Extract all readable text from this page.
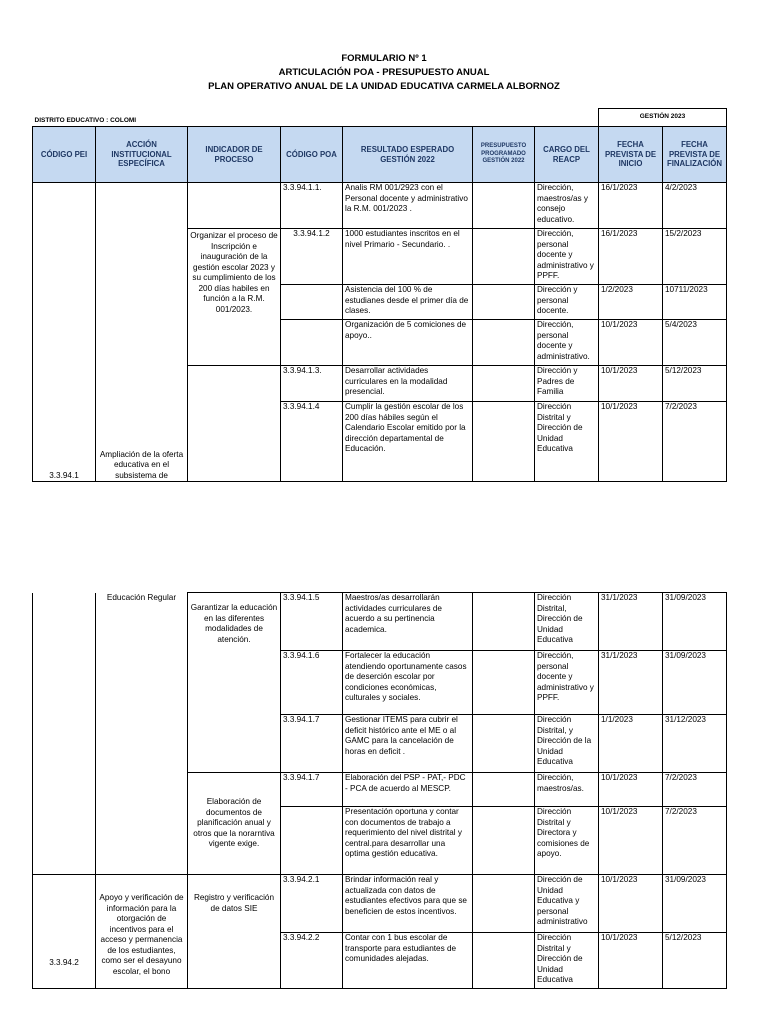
FORMULARIO Nº 1
ARTICULACIÓN POA - PRESUPUESTO ANUAL
PLAN OPERATIVO ANUAL DE LA UNIDAD EDUCATIVA CARMELA ALBORNOZ
DISTRITO EDUCATIVO : COLOMI							GESTIÓN 2023	
CÓDIGO PEI	ACCIÓN INSTITUCIONAL ESPECÍFICA	INDICADOR DE PROCESO	CÓDIGO POA	RESULTADO ESPERADO GESTIÓN 2022	PRESUPUESTO PROGRAMADO GESTIÓN 2022	CARGO DEL REACP	FECHA PREVISTA DE INICIO	FECHA PREVISTA DE FINALIZACIÓN
3.3.94.1	Ampliación de la oferta educativa en el subsistema de		3.3.94.1.1.	Analis RM 001/2923 con el Personal docente y administrativo la R.M. 001/2023 .		Dirección, maestros/as y consejo educativo.	16/1/2023	4/2/2023
		Organizar el proceso de Inscripción e inauguración de la gestión escolar 2023 y su cumplimiento de los 200 días habiles en función a la R.M. 001/2023.	3.3.94.1.2	1000 estudiantes inscritos en el nivel Primario - Secundario. .		Dirección, personal docente y administrativo y PPFF.	16/1/2023	15/2/2023
				Asistencia del 100 % de estudianes desde el primer día de clases.		Dirección y personal docente.	1/2/2023	10711/2023
				Organización de 5 comiciones de apoyo..		Dirección, personal docente y administrativo.	10/1/2023	5/4/2023
			3.3.94.1.3.	Desarrollar actividades curriculares en la modalidad presencial.		Dirección y Padres de Familia	10/1/2023	5/12/2023
			3.3.94.1.4	Cumplir la gestión escolar de los 200 días hábiles según el Calendario Escolar emitido por la dirección departamental de Educación.		Dirección Distrital y Dirección de Unidad Educativa	10/1/2023	7/2/2023
	Educación Regular	Garantizar la educación en las diferentes modalidades de atención.	3.3.94.1.5	Maestros/as desarrollarán actividades curriculares de acuerdo a su pertinencia academica.		Dirección Distrital, Dirección de Unidad Educativa	31/1/2023	31/09/2023
			3.3.94.1.6	Fortalecer la educación atendiendo oportunamente casos de deserción escolar por condiciones económicas, culturales y sociales.		Dirección, personal docente y administrativo y PPFF.	31/1/2023	31/09/2023
			3.3.94.1.7	Gestionar ITEMS para cubrir el deficit histórico ante el ME o al GAMC para la cancelación de horas en deficit .		Dirección Distrital, y Dirección de la Unidad Educativa	1/1/2023	31/12/2023
		Elaboración de documentos de planificación anual y otros que la norarntiva vigente exige.	3.3.94.1.7	Elaboración del PSP - PAT,- PDC - PCA de acuerdo al MESCP.		Dirección, maestros/as.	10/1/2023	7/2/2023
				Presentación oportuna y contar con documentos de trabajo a requerimiento del nivel distrital y central.para desarrollar una optima gestión educativa.		Dirección Distrital y Directora y comisiones de apoyo.	10/1/2023	7/2/2023
3.3.94.2	Apoyo y verificación de información para la otorgación de incentivos para el acceso y permanencia de los estudiantes, como ser el desayuno escolar, el bono	Registro y verificación de datos SIE	3.3.94.2.1	Brindar información real y actualizada con datos de estudiantes efectivos para que se beneficien de estos incentivos.		Dirección de Unidad Educativa y personal administrativo	10/1/2023	31/09/2023
			3.3.94.2.2	Contar con 1 bus escolar de transporte para estudiantes de comunidades alejadas.		Dirección Distrital y Dirección de Unidad Educativa	10/1/2023	5/12/2023
